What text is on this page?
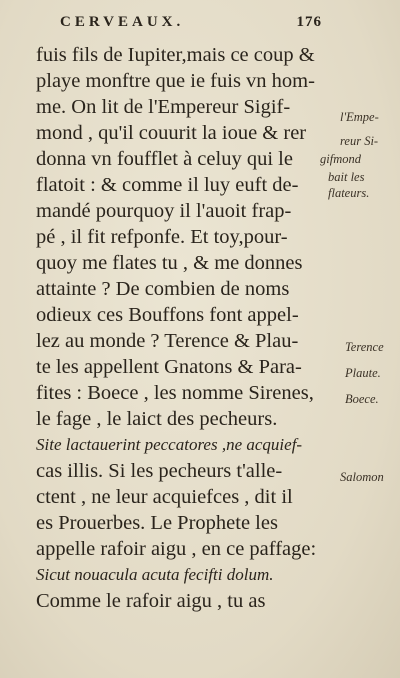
CERVEAUX.	176
fuis fils de Iupiter,mais ce coup &
playe monftre que ie fuis vn hom-
me. On lit de l'Empereur Sigif-
mond , qu'il couurit la ioue & rer
donna vn foufflet à celuy qui le
flatoit : & comme il luy euft de-
mandé pourquoy il l'auoit frap-
pé , il fit refponfe. Et toy,pour-
quoy me flates tu , & me donnes
attainte ? De combien de noms
odieux ces Bouffons font appel-
lez au monde ? Terence & Plau-
te les appellent Gnatons & Para-
fites : Boece , les nomme Sirenes,
le fage , le laict des pecheurs.
Site lactauerint peccatores ,ne acquief-
cas illis. Si les pecheurs t'alle-
ctent , ne leur acquiefces , dit il
es Prouerbes. Le Prophete les
appelle rafoir aigu , en ce paffage:
Sicut nouacula acuta fecifti dolum.
Comme le rafoir aigu , tu as
l'Empe-
reur Si-
gifmond
bait les
flateurs.
Terence
Plaute.
Boece.
Salomon
